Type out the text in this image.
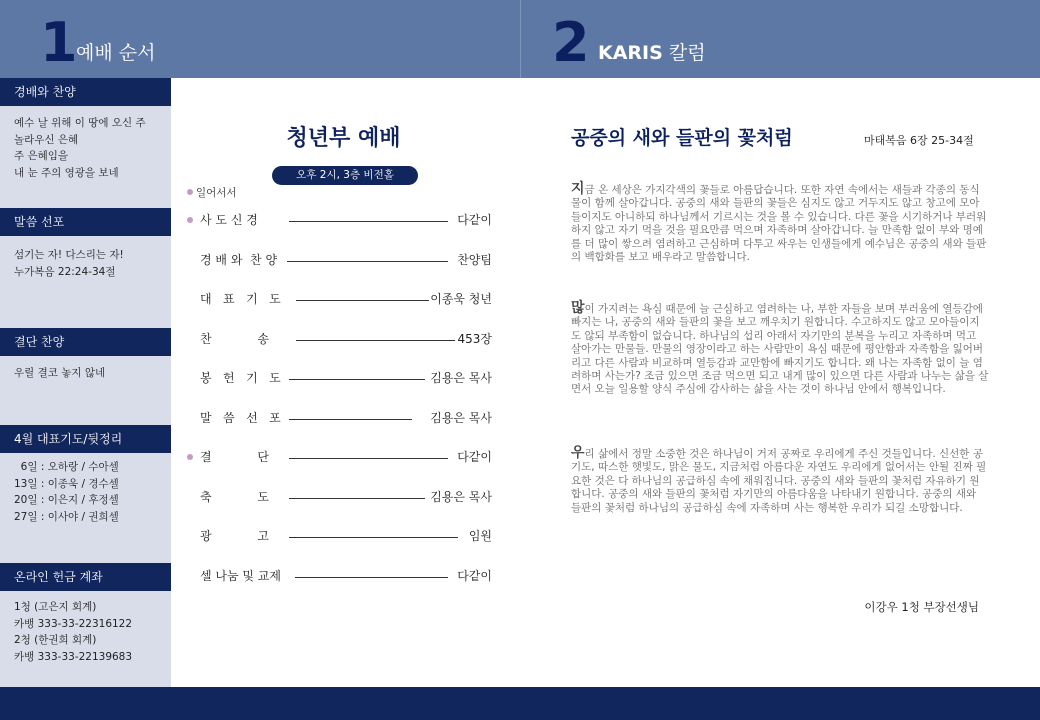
1 예배 순서	2 KARIS 칼럼
경배와 찬양
예수 날 위해 이 땅에 오신 주
놀라우신 은혜
주 은혜임을
내 눈 주의 영광을 보네
말씀 선포
섬기는 자! 다스리는 자!
누가복음 22:24-34절
결단 찬양
우릴 결코 놓지 않네
4월 대표기도/뒷정리
6일 : 오하랑 / 수아셀
13일 : 이종욱 / 경수셀
20일 : 이은지 / 후정셀
27일 : 이사야 / 권희셀
온라인 헌금 계좌
1청 (고은지 회계)
카뱅 333-33-22316122
2청 (한권희 회계)
카뱅 333-33-22139683
청년부 예배
오후 2시, 3층 비전홀
일어서서
사 도 신 경	다같이
경 배 와  찬 양	찬양팀
대   표   기   도	이종욱 청년
찬            송	453장
봉   헌   기   도	김용은 목사
말   씀   선   포	김용은 목사
결            단	다같이
축            도	김용은 목사
광            고	임원
셀 나눔 및 교제	다같이
공중의 새와 들판의 꽃처럼	마태복음 6장 25-34절
지금 온 세상은 가지각색의 꽃들로 아름답습니다. 또한 자연 속에서는 새들과 각종의 동식물이 함께 살아갑니다. 공중의 새와 들판의 꽃들은 심지도 않고 거두지도 않고 창고에 모아들이지도 아니하되 하나님께서 기르시는 것을 볼 수 있습니다. 다른 꽃을 시기하거나 부러워하지 않고 자기 먹을 것을 필요만큼 먹으며 자족하며 살아갑니다. 늘 만족함 없이 부와 명예를 더 많이 쌓으려 염려하고 근심하며 다투고 싸우는 인생들에게 예수님은 공중의 새와 들판의 백합화를 보고 배우라고 말씀합니다.
많이 가지려는 욕심 때문에 늘 근심하고 염려하는 나, 부한 자들을 보며 부러움에 열등감에 빠지는 나, 공중의 새와 들판의 꽃을 보고 깨우치기 원합니다. 수고하지도 않고 모아들이지도 않되 부족함이 없습니다. 하나님의 섭리 아래서 자기만의 분복을 누리고 자족하며 먹고 살아가는 만물들. 만물의 영장이라고 하는 사람만이 욕심 때문에 평안함과 자족함을 잃어버리고 다른 사람과 비교하며 열등감과 교만함에 빠지기도 합니다. 왜 나는 자족함 없이 늘 염려하며 사는가? 조금 있으면 조금 먹으면 되고 내게 많이 있으면 다른 사람과 나누는 삶을 살면서 오늘 일용할 양식 주심에 감사하는 삶을 사는 것이 하나님 안에서 행복입니다.
우리 삶에서 정말 소중한 것은 하나님이 거저 공짜로 우리에게 주신 것들입니다. 신선한 공기도, 따스한 햇빛도, 맑은 물도, 지금처럼 아름다운 자연도 우리에게 없어서는 안될 진짜 필요한 것은 다 하나님의 공급하심 속에 채워집니다. 공중의 새와 들판의 꽃처럼 자유하기 원합니다. 공중의 새와 들판의 꽃처럼 자기만의 아름다움을 나타내기 원합니다. 공중의 새와 들판의 꽃처럼 하나님의 공급하심 속에 자족하며 사는 행복한 우리가 되길 소망합니다.
이강우 1청 부장선생님
